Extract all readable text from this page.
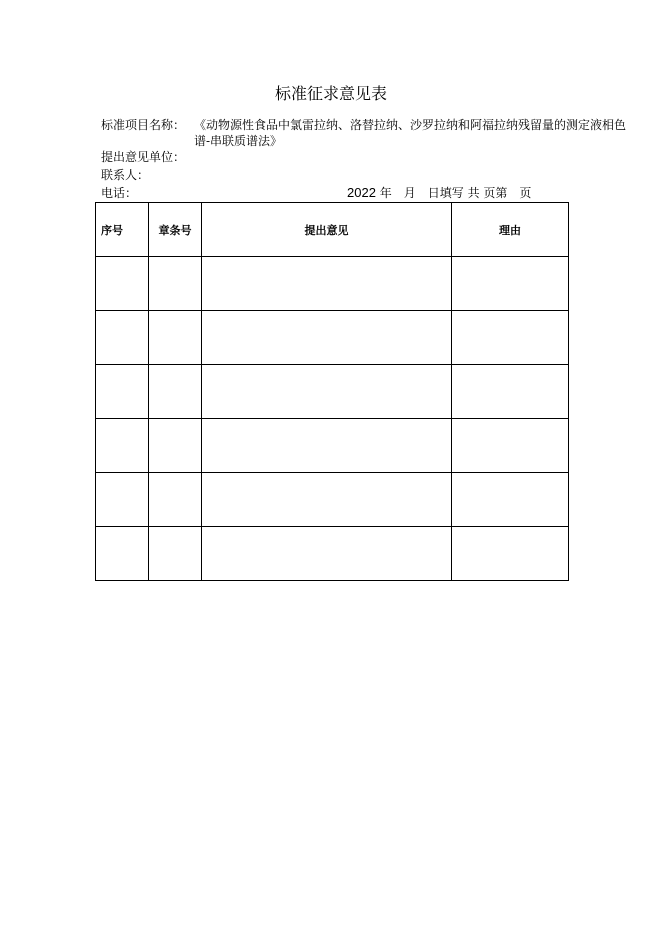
标准征求意见表
标准项目名称： 《动物源性食品中氯雷拉纳、洛替拉纳、沙罗拉纳和阿福拉纳残留量的测定液相色谱-串联质谱法》
提出意见单位：
联系人：
电话：	2022 年　月　日填写 共 页第　页
序号	章条号	提出意见	理由
